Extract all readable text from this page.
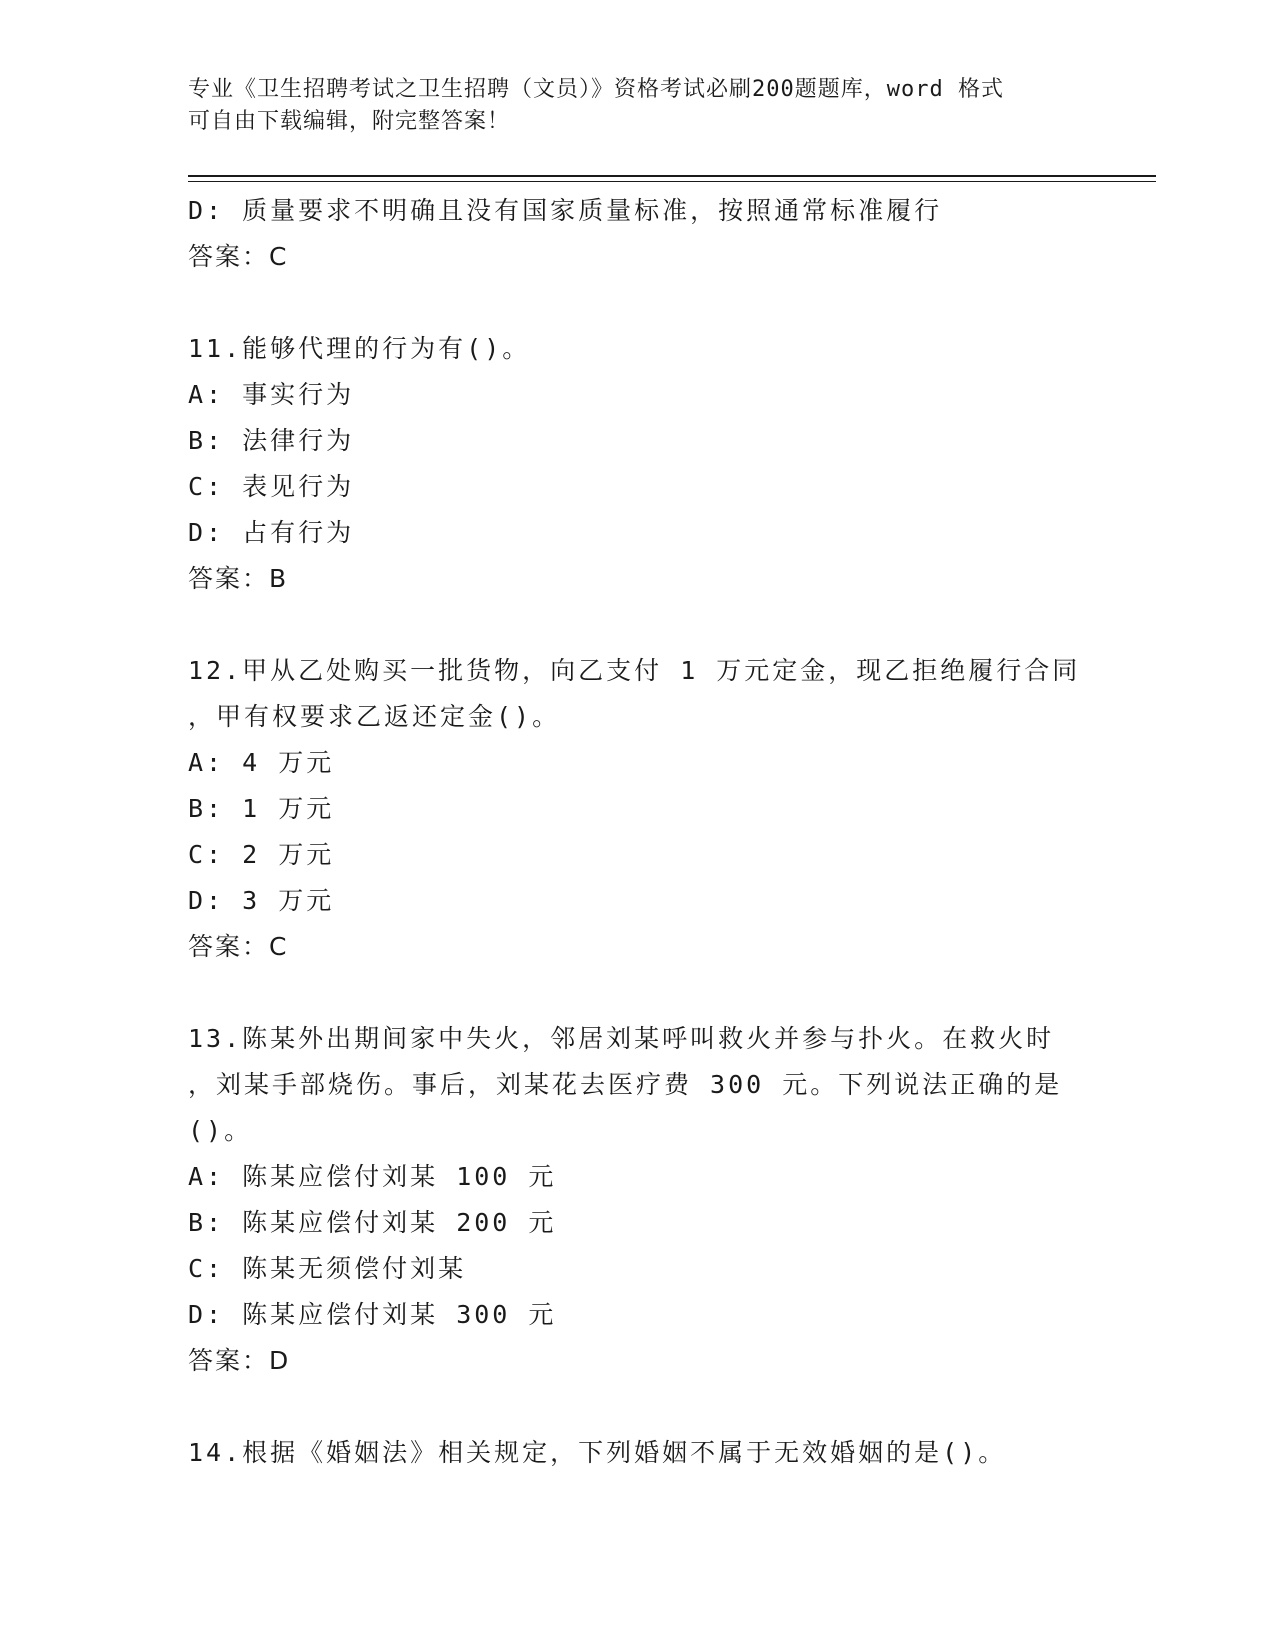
专业《卫生招聘考试之卫生招聘（文员）》资格考试必刷200题题库，word 格式
可自由下载编辑，附完整答案！
D: 质量要求不明确且没有国家质量标准，按照通常标准履行
答案：C
11.能够代理的行为有()。
A: 事实行为
B: 法律行为
C: 表见行为
D: 占有行为
答案：B
12.甲从乙处购买一批货物，向乙支付 1 万元定金，现乙拒绝履行合同
，甲有权要求乙返还定金()。
A: 4 万元
B: 1 万元
C: 2 万元
D: 3 万元
答案：C
13.陈某外出期间家中失火，邻居刘某呼叫救火并参与扑火。在救火时
，刘某手部烧伤。事后，刘某花去医疗费 300 元。下列说法正确的是
()。
A: 陈某应偿付刘某 100 元
B: 陈某应偿付刘某 200 元
C: 陈某无须偿付刘某
D: 陈某应偿付刘某 300 元
答案：D
14.根据《婚姻法》相关规定，下列婚姻不属于无效婚姻的是()。
